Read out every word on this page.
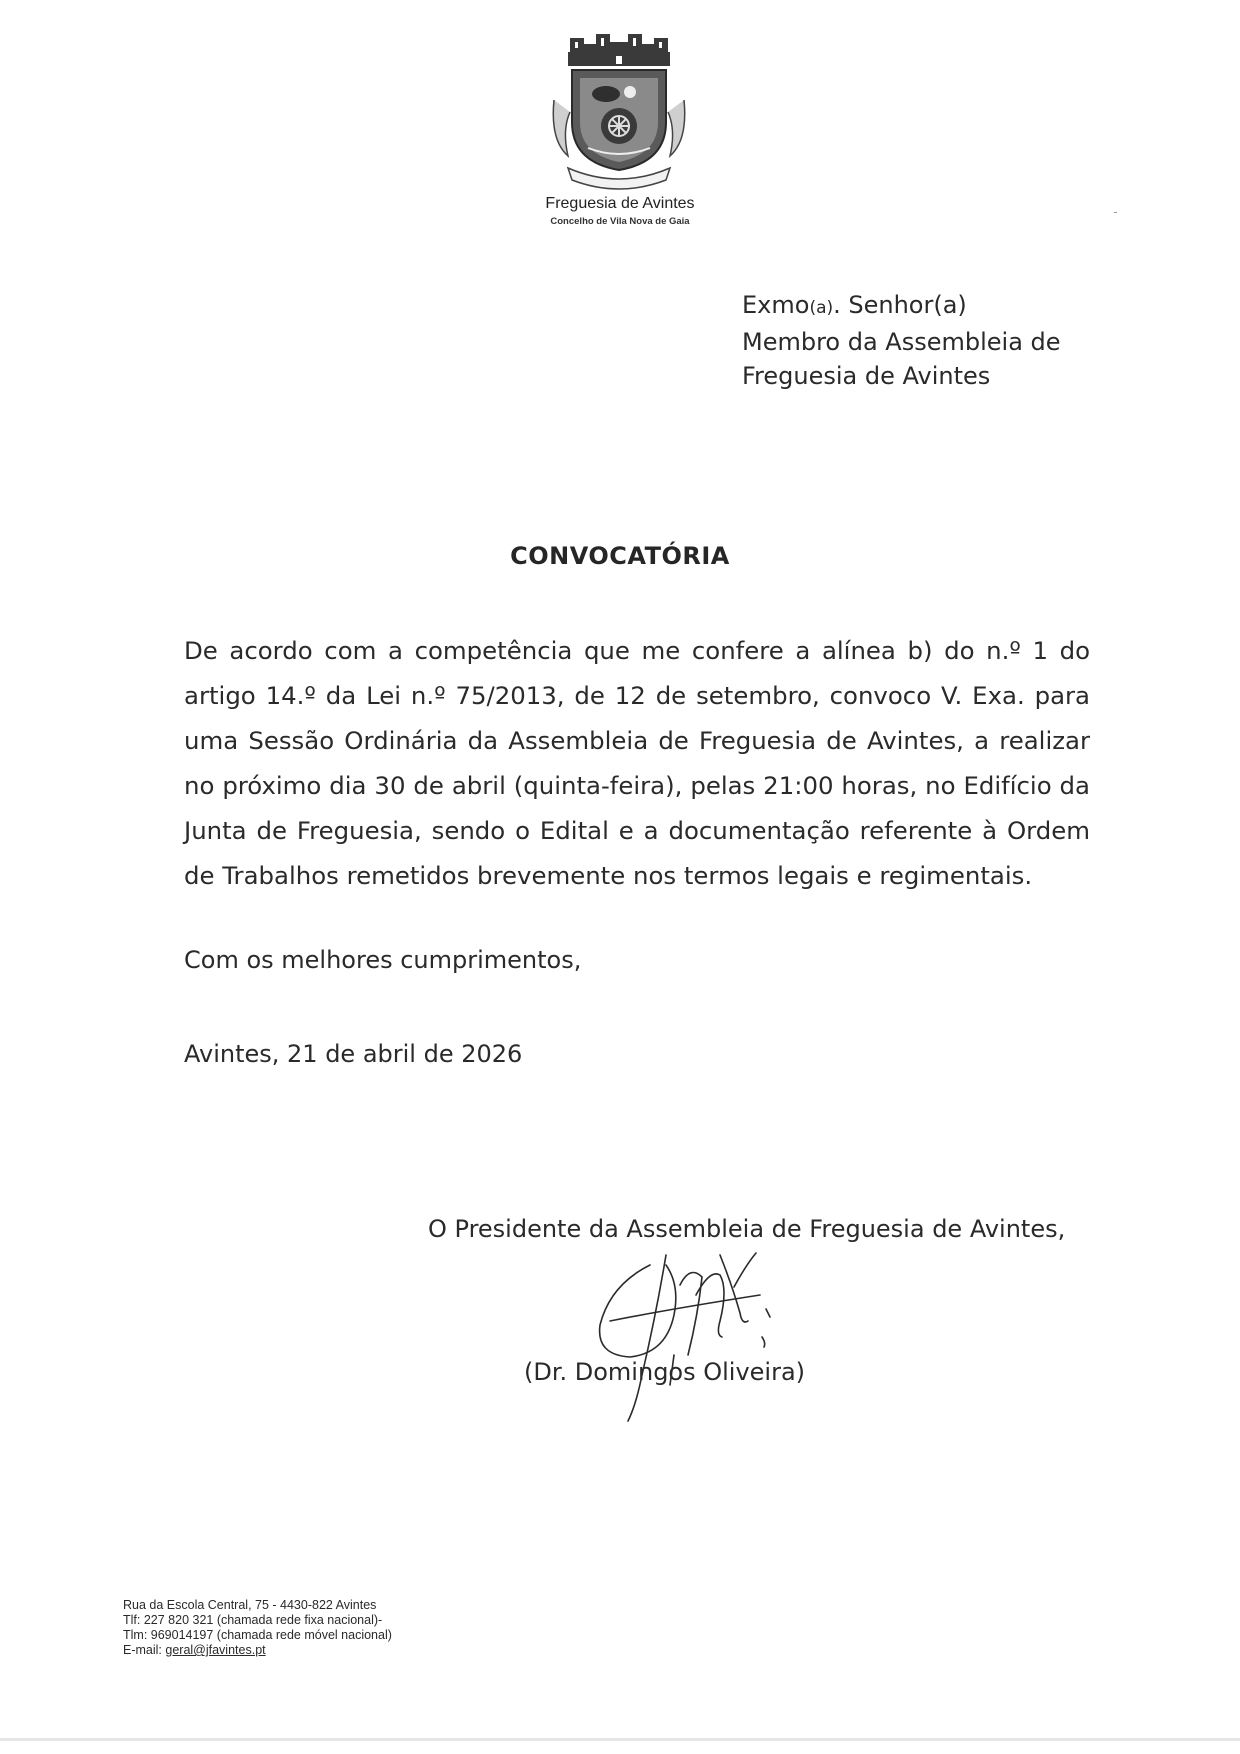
Freguesia de Avintes
Concelho de Vila Nova de Gaia
Exmo(a). Senhor(a)
Membro da Assembleia de
Freguesia de Avintes
CONVOCATÓRIA
De acordo com a competência que me confere a alínea b) do n.º 1 do artigo 14.º da Lei n.º 75/2013, de 12 de setembro, convoco V. Exa. para uma Sessão Ordinária da Assembleia de Freguesia de Avintes, a realizar no próximo dia 30 de abril (quinta-feira), pelas 21:00 horas, no Edifício da Junta de Freguesia, sendo o Edital e a documentação referente à Ordem de Trabalhos remetidos brevemente nos termos legais e regimentais.
Com os melhores cumprimentos,
Avintes, 21 de abril de 2026
O Presidente da Assembleia de Freguesia de Avintes,
(Dr. Domingos Oliveira)
Rua da Escola Central, 75 - 4430-822 Avintes
Tlf: 227 820 321 (chamada rede fixa nacional)-
Tlm: 969014197 (chamada rede móvel nacional)
E-mail: geral@jfavintes.pt
